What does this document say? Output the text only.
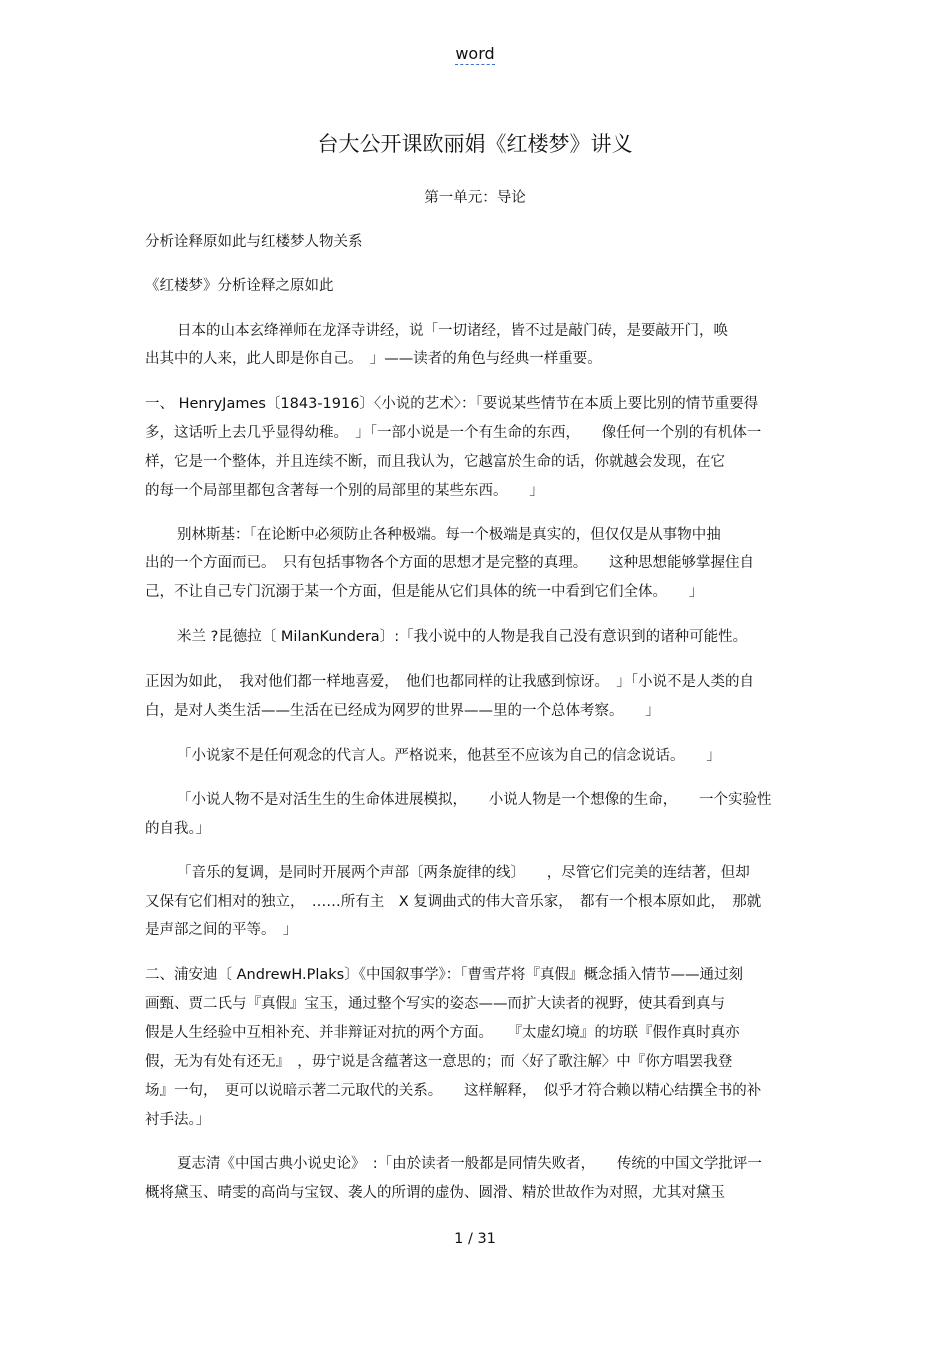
word
台大公开课欧丽娟《红楼梦》讲义
第一单元：导论
分析诠释原如此与红楼梦人物关系
《红楼梦》分析诠释之原如此
日本的山本玄绛禅师在龙泽寺讲经，说「一切诸经，皆不过是敲门砖，是要敲开门，唤
出其中的人来，此人即是你自己。　」——读者的角色与经典一样重要。
一、 HenryJames〔1843-1916〕〈小说的艺术〉：「要说某些情节在本质上要比别的情节重要得
多，这话听上去几乎显得幼稚。　」「一部小说是一个有生命的东西，　　像任何一个别的有机体一
样，它是一个整体，并且连续不断，而且我认为，它越富於生命的话，你就越会发现，在它
的每一个局部里都包含著每一个别的局部里的某些东西。　　」
别林斯基：「在论断中必须防止各种极端。每一个极端是真实的，但仅仅是从事物中抽
出的一个方面而已。　只有包括事物各个方面的思想才是完整的真理。　　这种思想能够掌握住自
己，不让自己专门沉溺于某一个方面，但是能从它们具体的统一中看到它们全体。　　」
米兰 ?昆德拉〔 MilanKundera〕:「我小说中的人物是我自己没有意识到的诸种可能性。
正因为如此，　我对他们都一样地喜爱，　他们也都同样的让我感到惊讶。　」「小说不是人类的自
白，是对人类生活——生活在已经成为网罗的世界——里的一个总体考察。　　」
「小说家不是任何观念的代言人。严格说来，他甚至不应该为自己的信念说话。　　」
「小说人物不是对活生生的生命体进展模拟，　　小说人物是一个想像的生命，　　一个实验性
的自我。」
「音乐的复调，是同时开展两个声部〔两条旋律的线〕　　，尽管它们完美的连结著，但却
又保有它们相对的独立，　……所有主　X 复调曲式的伟大音乐家，　都有一个根本原如此，　那就
是声部之间的平等。　」
二、浦安迪〔 AndrewH.Plaks〕《中国叙事学》：「曹雪芹将『真假』概念插入情节——通过刻
画甄、贾二氏与『真假』宝玉，通过整个写实的姿态——而扩大读者的视野，使其看到真与
假是人生经验中互相补充、并非辩证对抗的两个方面。　　『太虚幻境』的坊联『假作真时真亦
假，无为有处有还无』　，毋宁说是含蕴著这一意思的；而〈好了歌注解〉中『你方唱罢我登
场』一句，　更可以说暗示著二元取代的关系。　　这样解释，　似乎才符合赖以精心结撰全书的补
衬手法。」
夏志清《中国古典小说史论》　:「由於读者一般都是同情失败者，　　传统的中国文学批评一
概将黛玉、晴雯的高尚与宝钗、袭人的所谓的虚伪、圆滑、精於世故作为对照，尤其对黛玉
1 / 31
